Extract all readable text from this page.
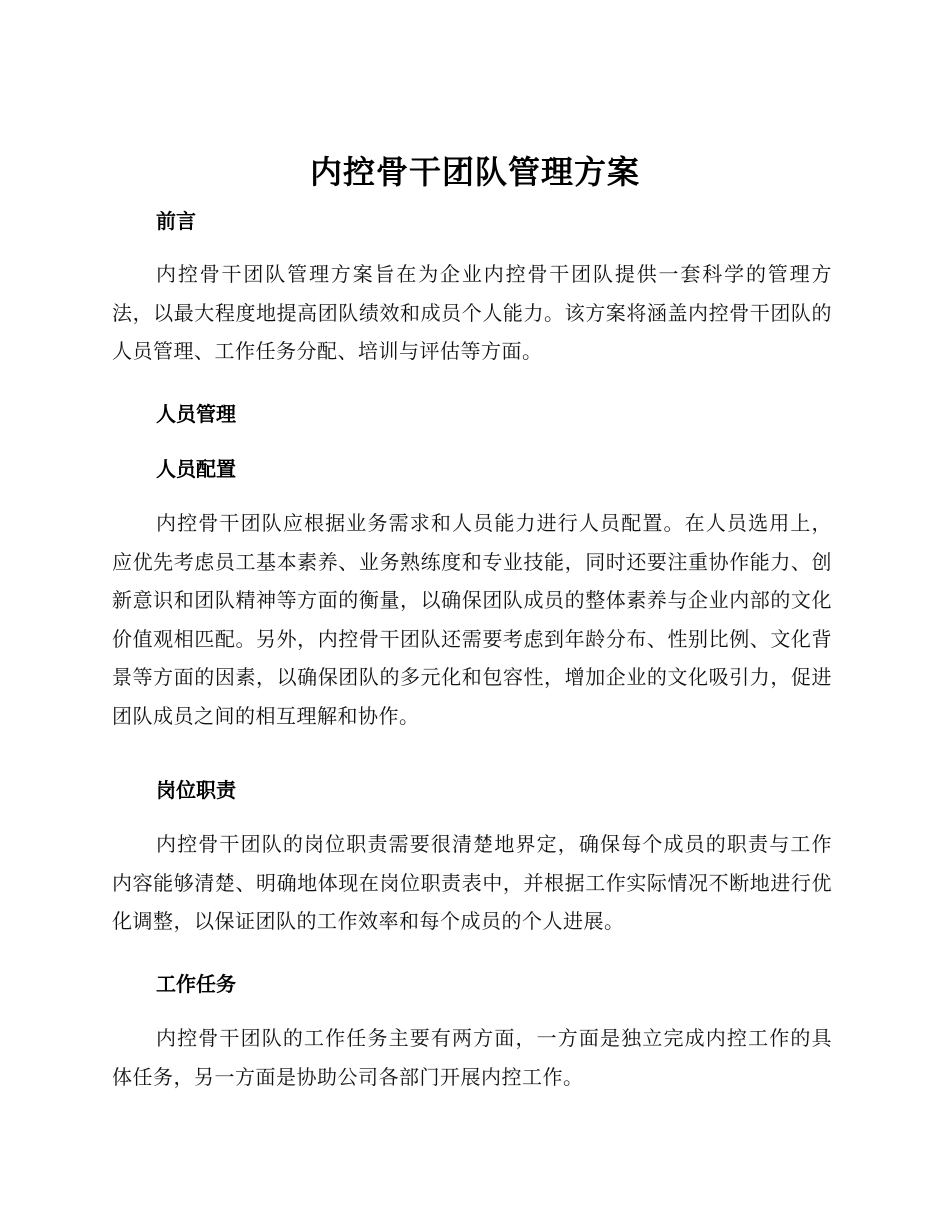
内控骨干团队管理方案
前言
内控骨干团队管理方案旨在为企业内控骨干团队提供一套科学的管理方法，以最大程度地提高团队绩效和成员个人能力。该方案将涵盖内控骨干团队的人员管理、工作任务分配、培训与评估等方面。
人员管理
人员配置
内控骨干团队应根据业务需求和人员能力进行人员配置。在人员选用上，应优先考虑员工基本素养、业务熟练度和专业技能，同时还要注重协作能力、创新意识和团队精神等方面的衡量，以确保团队成员的整体素养与企业内部的文化价值观相匹配。另外，内控骨干团队还需要考虑到年龄分布、性别比例、文化背景等方面的因素，以确保团队的多元化和包容性，增加企业的文化吸引力，促进团队成员之间的相互理解和协作。
岗位职责
内控骨干团队的岗位职责需要很清楚地界定，确保每个成员的职责与工作内容能够清楚、明确地体现在岗位职责表中，并根据工作实际情况不断地进行优化调整，以保证团队的工作效率和每个成员的个人进展。
工作任务
内控骨干团队的工作任务主要有两方面，一方面是独立完成内控工作的具体任务，另一方面是协助公司各部门开展内控工作。
